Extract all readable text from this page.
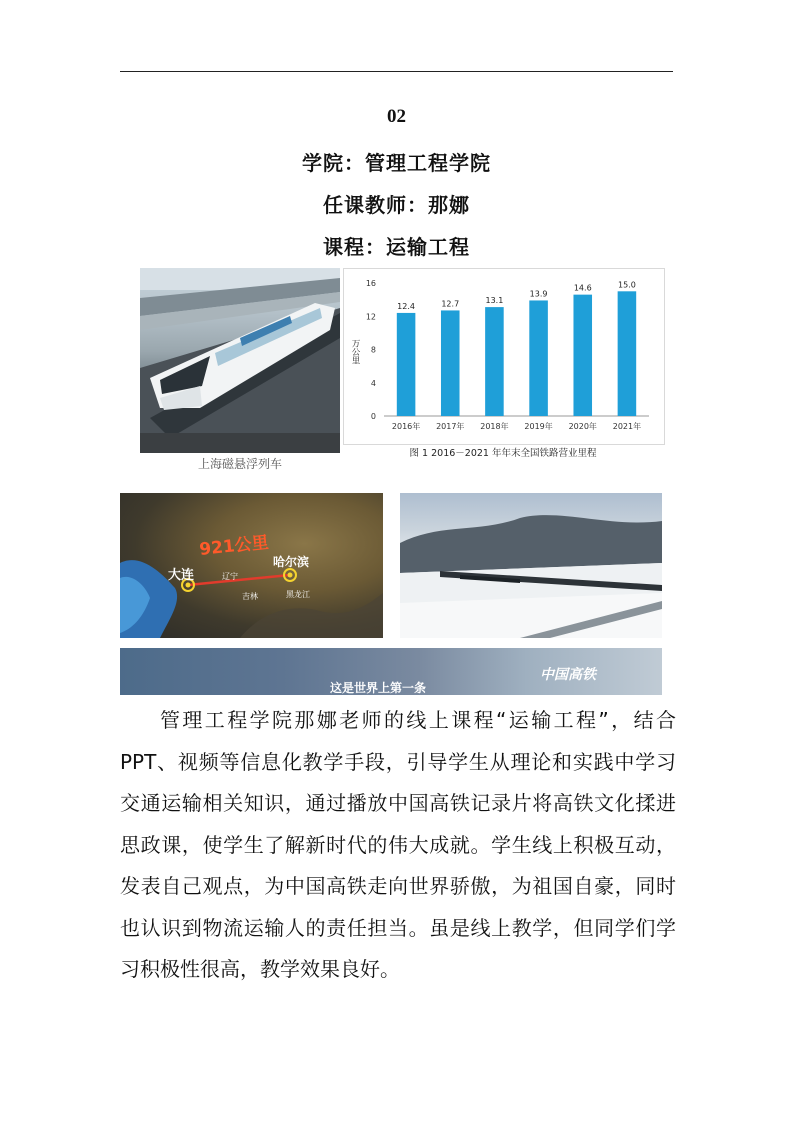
02
学院：管理工程学院
任课教师：那娜
课程：运输工程
上海磁悬浮列车
0
4
8
12
16
万公里
12.4
2016年
12.7
2017年
13.1
2018年
13.9
2019年
14.6
2020年
15.0
2021年
图 1 2016－2021 年年末全国铁路营业里程
921公里
大连
哈尔滨
辽宁
吉林	黑龙江
这是世界上第一条
中国高铁
管理工程学院那娜老师的线上课程“运输工程”，结合PPT、视频等信息化教学手段，引导学生从理论和实践中学习交通运输相关知识，通过播放中国高铁记录片将高铁文化揉进思政课，使学生了解新时代的伟大成就。学生线上积极互动，发表自己观点，为中国高铁走向世界骄傲，为祖国自豪，同时也认识到物流运输人的责任担当。虽是线上教学，但同学们学习积极性很高，教学效果良好。
